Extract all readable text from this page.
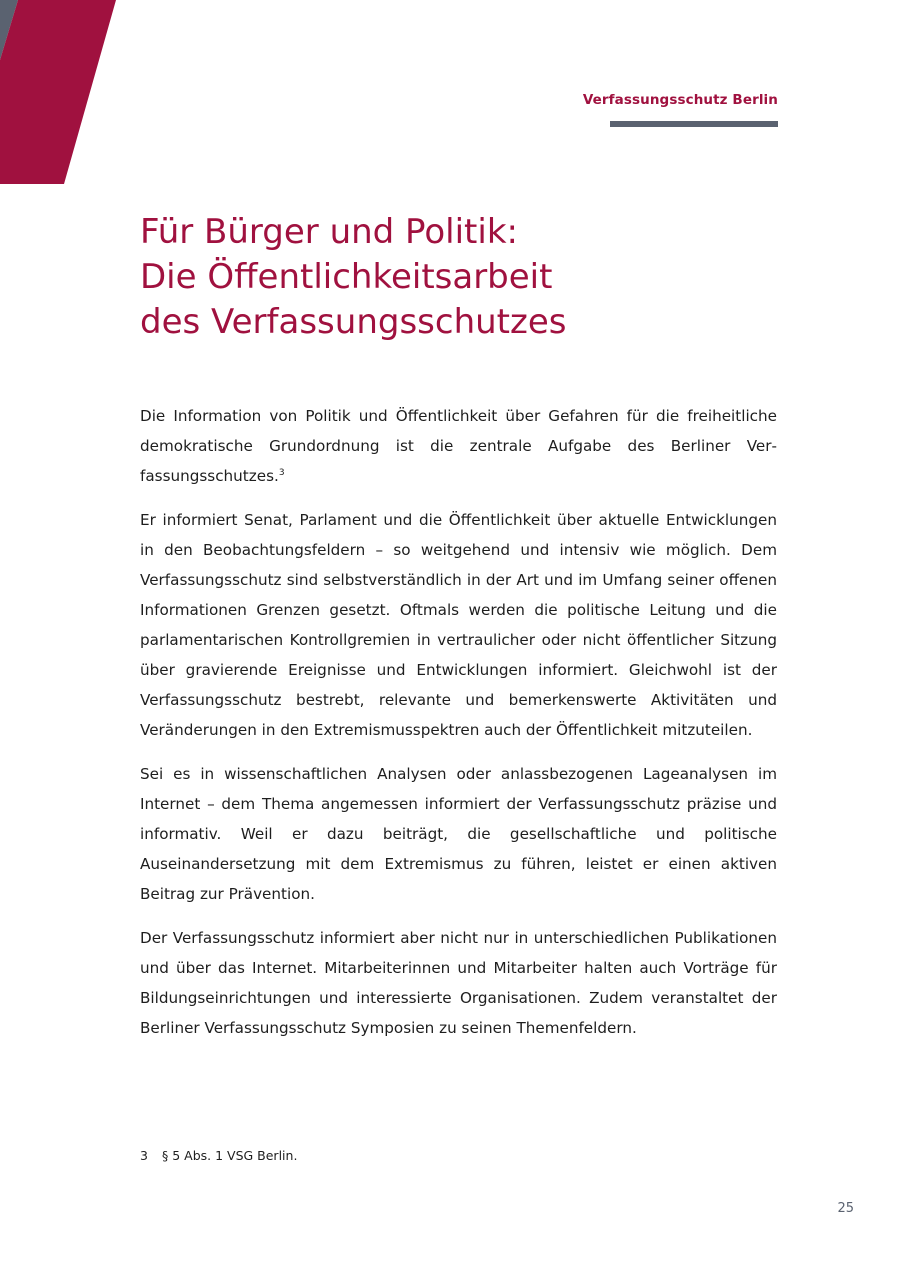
Verfassungsschutz Berlin
Für Bürger und Politik:
Die Öffentlichkeitsarbeit
des Verfassungsschutzes

Die Information von Politik und Öffentlichkeit über Gefahren für die freiheitliche demokratische Grundordnung ist die zentrale Aufgabe des Berliner Verfassungsschutzes.$^3$

Er informiert Senat, Parlament und die Öffentlichkeit über aktuelle Entwicklungen in den Beobachtungsfeldern – so weitgehend und intensiv wie möglich. Dem Verfassungsschutz sind selbstverständlich in der Art und im Umfang seiner offenen Informationen Grenzen gesetzt. Oftmals werden die politische Leitung und die parlamentarischen Kontrollgremien in vertraulicher oder nicht öffentlicher Sitzung über gravierende Ereignisse und Entwicklungen informiert. Gleichwohl ist der Verfassungsschutz bestrebt, relevante und bemerkenswerte Aktivitäten und Veränderungen in den Extremismusspektren auch der Öffentlichkeit mitzuteilen.

Sei es in wissenschaftlichen Analysen oder anlassbezogenen Lageanalysen im Internet – dem Thema angemessen informiert der Verfassungsschutz präzise und informativ. Weil er dazu beiträgt, die gesellschaftliche und politische Auseinandersetzung mit dem Extremismus zu führen, leistet er einen aktiven Beitrag zur Prävention.

Der Verfassungsschutz informiert aber nicht nur in unterschiedlichen Publikationen und über das Internet. Mitarbeiterinnen und Mitarbeiter halten auch Vorträge für Bildungseinrichtungen und interessierte Organisationen. Zudem veranstaltet der Berliner Verfassungsschutz Symposien zu seinen Themenfeldern.

3 § 5 Abs. 1 VSG Berlin.
25
